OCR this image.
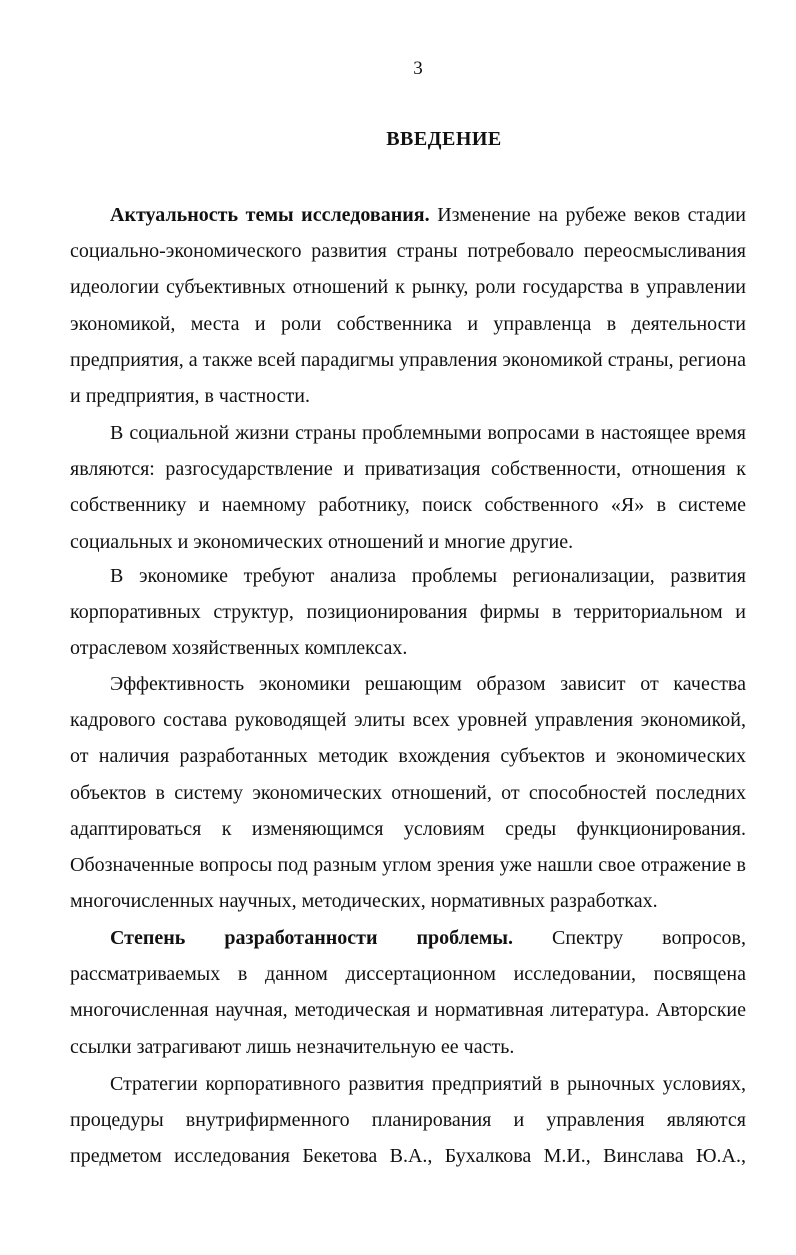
3
ВВЕДЕНИЕ

Актуальность темы исследования. Изменение на рубеже веков стадии социально-экономического развития страны потребовало переосмысливания идеологии субъективных отношений к рынку, роли государства в управлении экономикой, места и роли собственника и управленца в деятельности предприятия, а также всей парадигмы управления экономикой страны, региона и предприятия, в частности.

В социальной жизни страны проблемными вопросами в настоящее время являются: разгосударствление и приватизация собственности, отношения к собственнику и наемному работнику, поиск собственного «Я» в системе социальных и экономических отношений и многие другие.

В экономике требуют анализа проблемы регионализации, развития корпоративных структур, позиционирования фирмы в территориальном и отраслевом хозяйственных комплексах.

Эффективность экономики решающим образом зависит от качества кадрового состава руководящей элиты всех уровней управления экономикой, от наличия разработанных методик вхождения субъектов и экономических объектов в систему экономических отношений, от способностей последних адаптироваться к изменяющимся условиям среды функционирования. Обозначенные вопросы под разным углом зрения уже нашли свое отражение в многочисленных научных, методических, нормативных разработках.

Степень разработанности проблемы. Спектру вопросов, рассматриваемых в данном диссертационном исследовании, посвящена многочисленная научная, методическая и нормативная литература. Авторские ссылки затрагивают лишь незначительную ее часть.

Стратегии корпоративного развития предприятий в рыночных условиях, процедуры внутрифирменного планирования и управления являются предметом исследования Бекетова В.А., Бухалкова М.И., Винслава Ю.А.,
